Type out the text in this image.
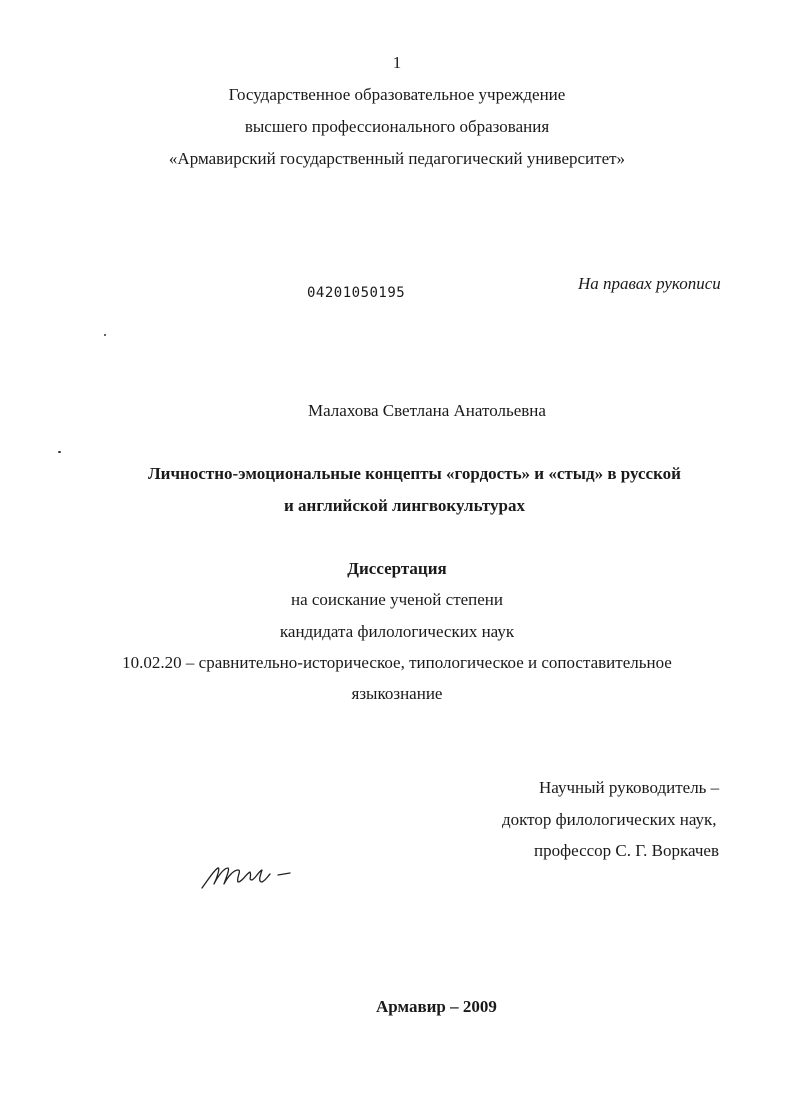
1
Государственное образовательное учреждение
высшего профессионального образования
«Армавирский государственный педагогический университет»
04201050195	На правах рукописи
Малахова Светлана Анатольевна
Личностно-эмоциональные концепты «гордость» и «стыд» в русской
и английской лингвокультурах
Диссертация
на соискание ученой степени
кандидата филологических наук
10.02.20 – сравнительно-историческое, типологическое и сопоставительное
языкознание
Научный руководитель –
доктор филологических наук,
профессор С. Г. Воркачев
Армавир – 2009
